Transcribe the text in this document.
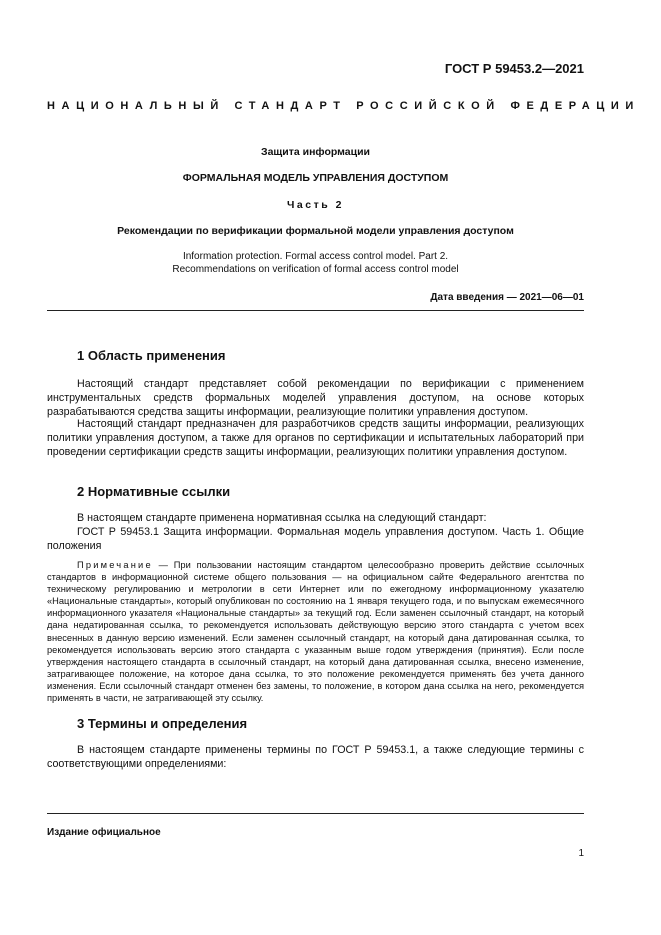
ГОСТ Р 59453.2—2021
НАЦИОНАЛЬНЫЙ СТАНДАРТ РОССИЙСКОЙ ФЕДЕРАЦИИ
Защита информации
ФОРМАЛЬНАЯ МОДЕЛЬ УПРАВЛЕНИЯ ДОСТУПОМ
Часть 2
Рекомендации по верификации формальной модели управления доступом
Information protection. Formal access control model. Part 2.
Recommendations on verification of formal access control model
Дата введения — 2021—06—01
1 Область применения

Настоящий стандарт представляет собой рекомендации по верификации с применением инструментальных средств формальных моделей управления доступом, на основе которых разрабатываются средства защиты информации, реализующие политики управления доступом.

Настоящий стандарт предназначен для разработчиков средств защиты информации, реализующих политики управления доступом, а также для органов по сертификации и испытательных лабораторий при проведении сертификации средств защиты информации, реализующих политики управления доступом.

2 Нормативные ссылки

В настоящем стандарте применена нормативная ссылка на следующий стандарт:

ГОСТ Р 59453.1 Защита информации. Формальная модель управления доступом. Часть 1. Общие положения

Примечание — При пользовании настоящим стандартом целесообразно проверить действие ссылочных стандартов в информационной системе общего пользования — на официальном сайте Федерального агентства по техническому регулированию и метрологии в сети Интернет или по ежегодному информационному указателю «Национальные стандарты», который опубликован по состоянию на 1 января текущего года, и по выпускам ежемесячного информационного указателя «Национальные стандарты» за текущий год. Если заменен ссылочный стандарт, на который дана недатированная ссылка, то рекомендуется использовать действующую версию этого стандарта с учетом всех внесенных в данную версию изменений. Если заменен ссылочный стандарт, на который дана датированная ссылка, то рекомендуется использовать версию этого стандарта с указанным выше годом утверждения (принятия). Если после утверждения настоящего стандарта в ссылочный стандарт, на который дана датированная ссылка, внесено изменение, затрагивающее положение, на которое дана ссылка, то это положение рекомендуется применять без учета данного изменения. Если ссылочный стандарт отменен без замены, то положение, в котором дана ссылка на него, рекомендуется применять в части, не затрагивающей эту ссылку.

3 Термины и определения

В настоящем стандарте применены термины по ГОСТ Р 59453.1, а также следующие термины с соответствующими определениями:

Издание официальное
1
